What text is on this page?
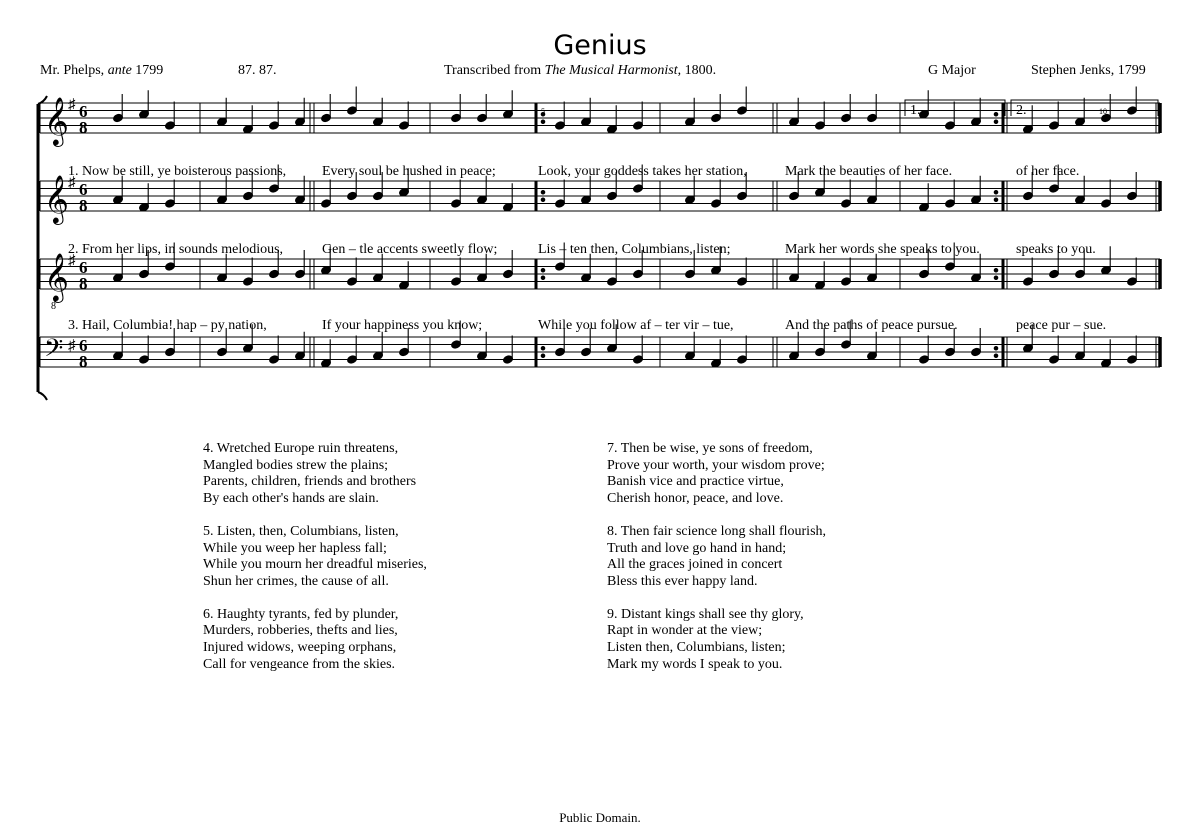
Genius
Mr. Phelps, ante 1799	87. 87.	Transcribed from The Musical Harmonist, 1800.	G Major	Stephen Jenks, 1799
𝄞 ♯ 6
8
𝄞 ♯ 6
8
𝄞
8
♯ 6
8
𝄢 ♯ 6
8
1.	2.
5	10
1. Now be still, ye boisterous passions,	Every soul be hushed in peace;	Look, your goddess takes her station,	Mark the beauties of her face.	of her face.
2. From her lips, in sounds melodious,	Gen – tle accents sweetly flow;	Lis – ten then, Columbians, listen;	Mark her words she speaks to you.	speaks to you.
3. Hail, Columbia! hap – py nation,	If your happiness you know;	While you follow af – ter vir – tue,	And the paths of peace pursue.	peace pur – sue.
4. Wretched Europe ruin threatens,
Mangled bodies strew the plains;
Parents, children, friends and brothers
By each other's hands are slain.
5. Listen, then, Columbians, listen,
While you weep her hapless fall;
While you mourn her dreadful miseries,
Shun her crimes, the cause of all.
6. Haughty tyrants, fed by plunder,
Murders, robberies, thefts and lies,
Injured widows, weeping orphans,
Call for vengeance from the skies.
7. Then be wise, ye sons of freedom,
Prove your worth, your wisdom prove;
Banish vice and practice virtue,
Cherish honor, peace, and love.
8. Then fair science long shall flourish,
Truth and love go hand in hand;
All the graces joined in concert
Bless this ever happy land.
9. Distant kings shall see thy glory,
Rapt in wonder at the view;
Listen then, Columbians, listen;
Mark my words I speak to you.
Public Domain.
